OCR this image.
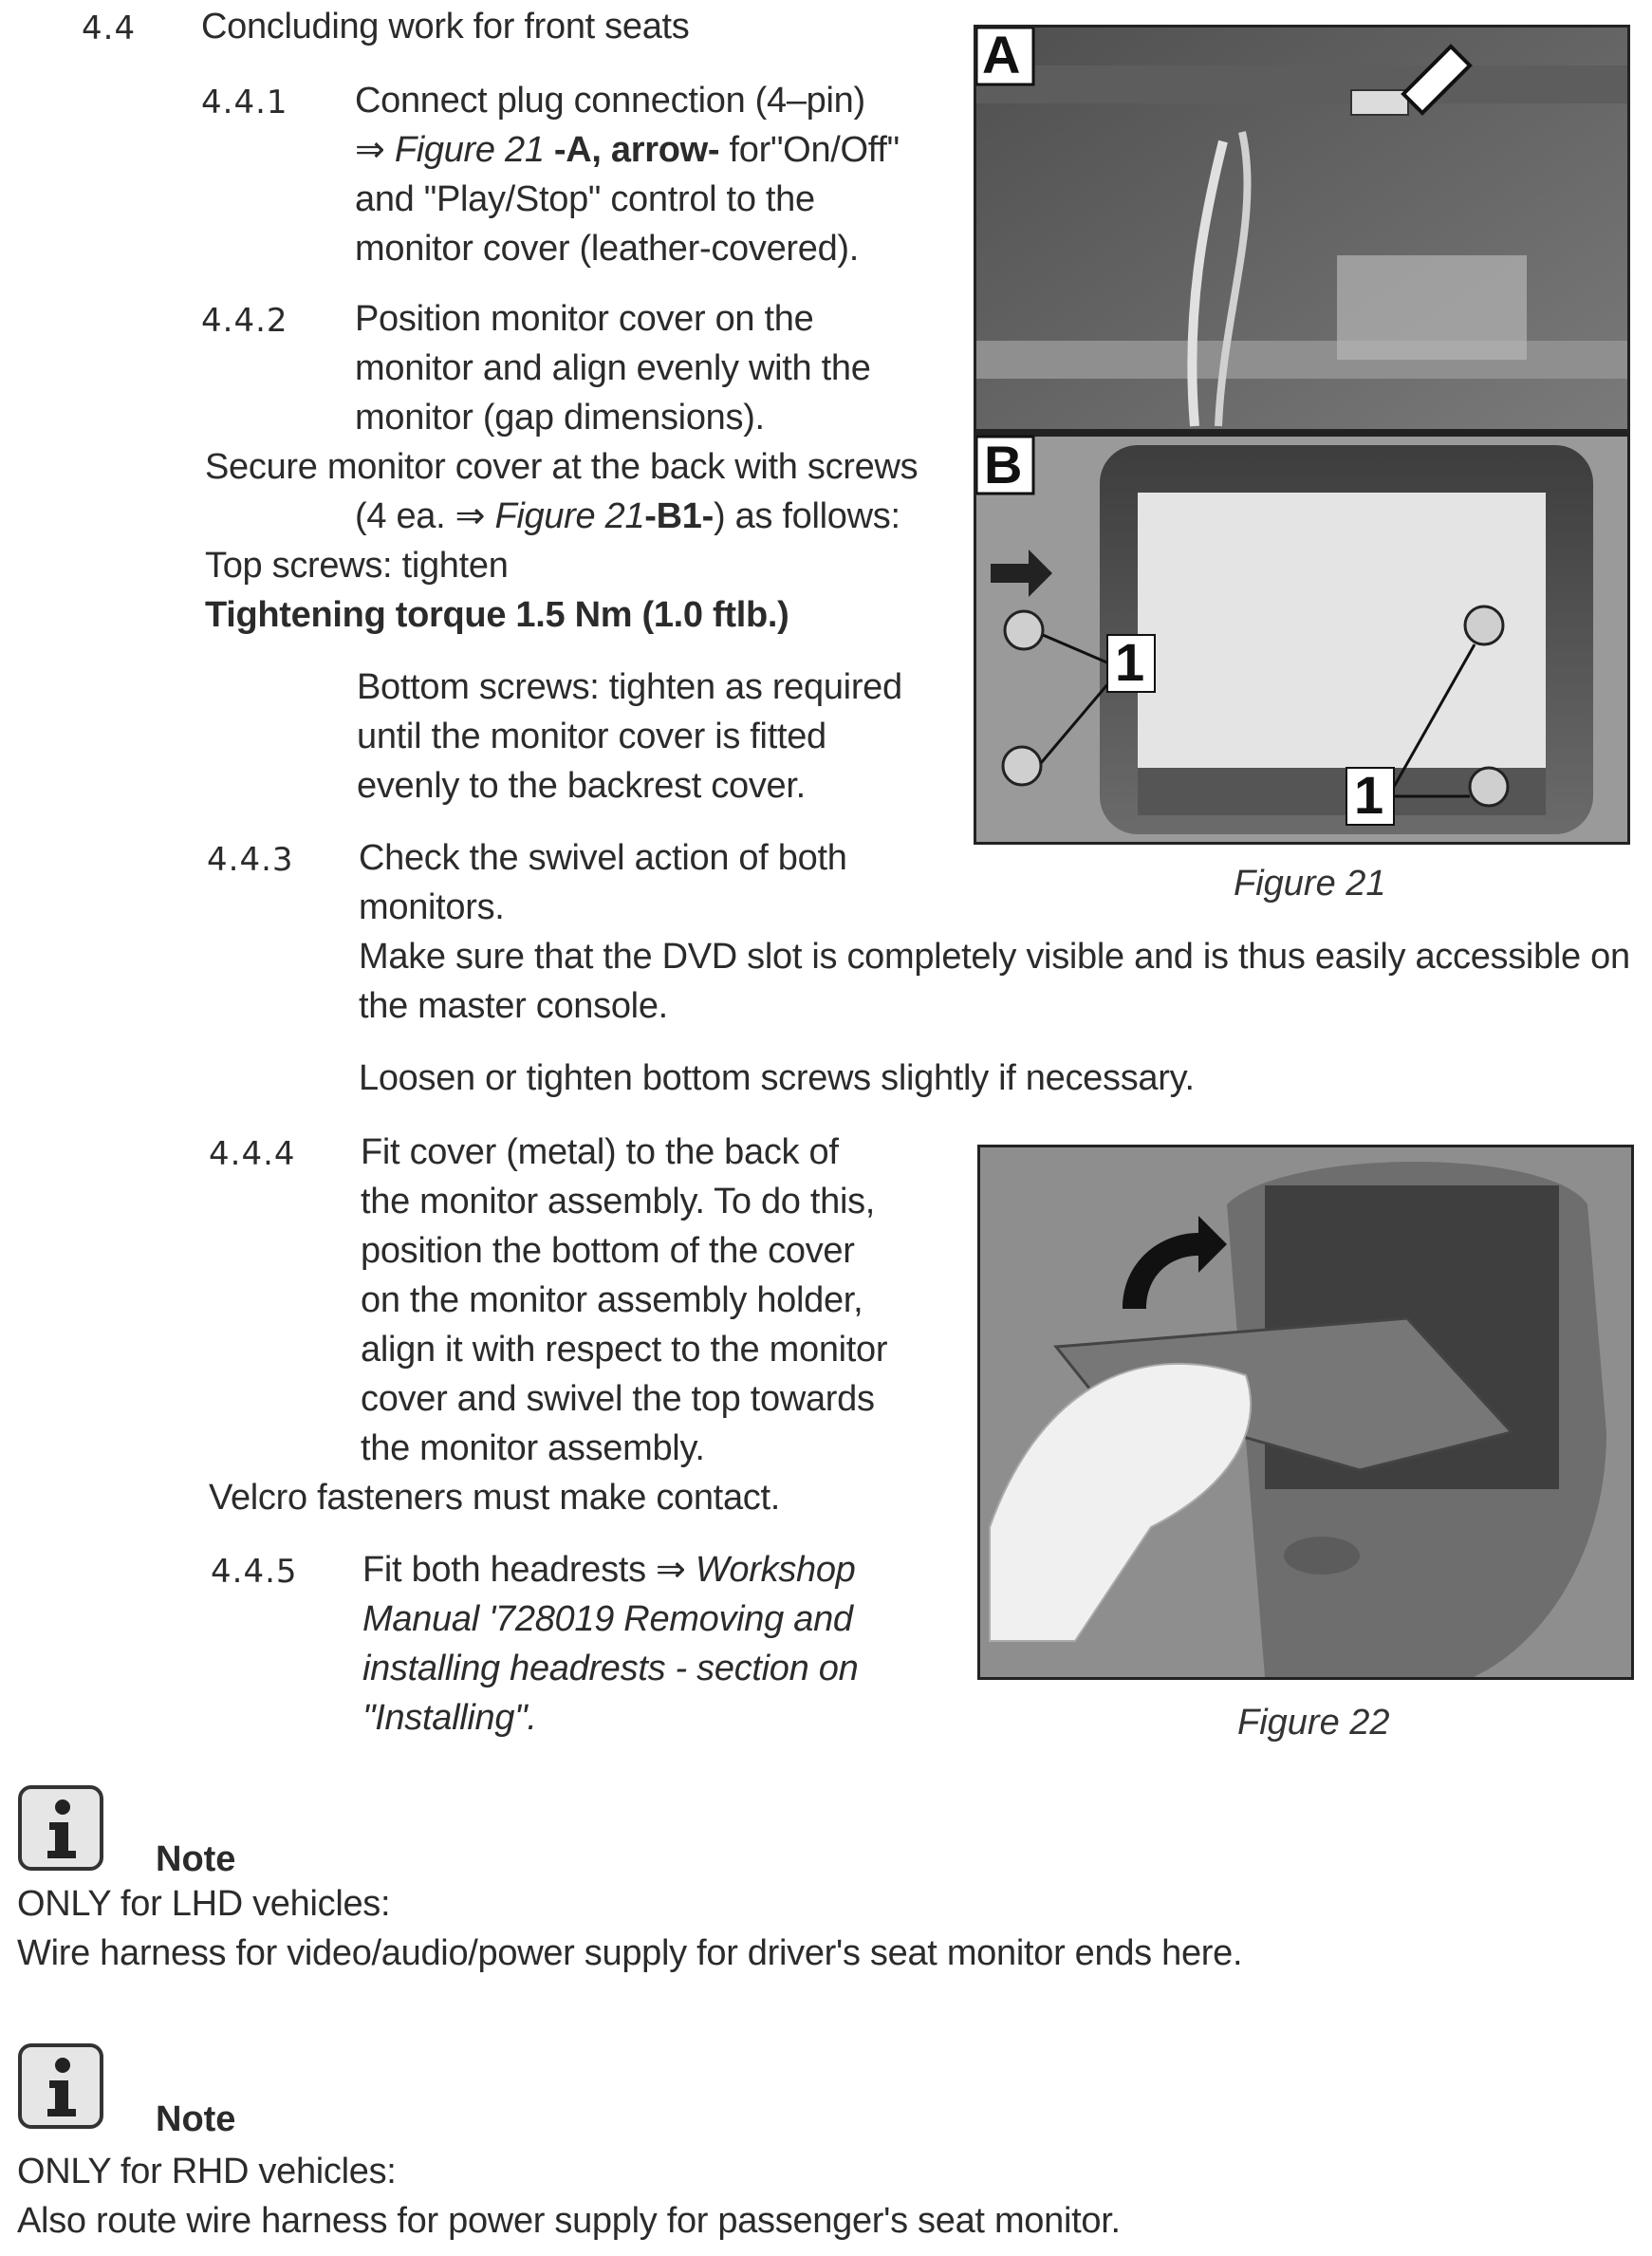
4.4 Concluding work for front seats
4.4.1 Connect plug connection (4–pin)
⇒ Figure 21 -A, arrow- for"On/Off"
and "Play/Stop" control to the
monitor cover (leather-covered).
4.4.2 Position monitor cover on the
monitor and align evenly with the
monitor (gap dimensions).
Secure monitor cover at the back with screws
(4 ea. ⇒ Figure 21-B1-) as follows:
Top screws: tighten
Tightening torque 1.5 Nm (1.0 ftlb.)
Bottom screws: tighten as required
until the monitor cover is fitted
evenly to the backrest cover.
4.4.3 Check the swivel action of both
monitors.
Make sure that the DVD slot is completely visible and is thus easily accessible on
the master console.
Loosen or tighten bottom screws slightly if necessary.
4.4.4 Fit cover (metal) to the back of
the monitor assembly. To do this,
position the bottom of the cover
on the monitor assembly holder,
align it with respect to the monitor
cover and swivel the top towards
the monitor assembly.
Velcro fasteners must make contact.
4.4.5 Fit both headrests ⇒ Workshop
Manual '728019 Removing and
installing headrests - section on
"Installing".
A
B
1
1
Figure 21
Figure 22
Note
ONLY for LHD vehicles:
Wire harness for video/audio/power supply for driver's seat monitor ends here.
Note
ONLY for RHD vehicles:
Also route wire harness for power supply for passenger's seat monitor.
